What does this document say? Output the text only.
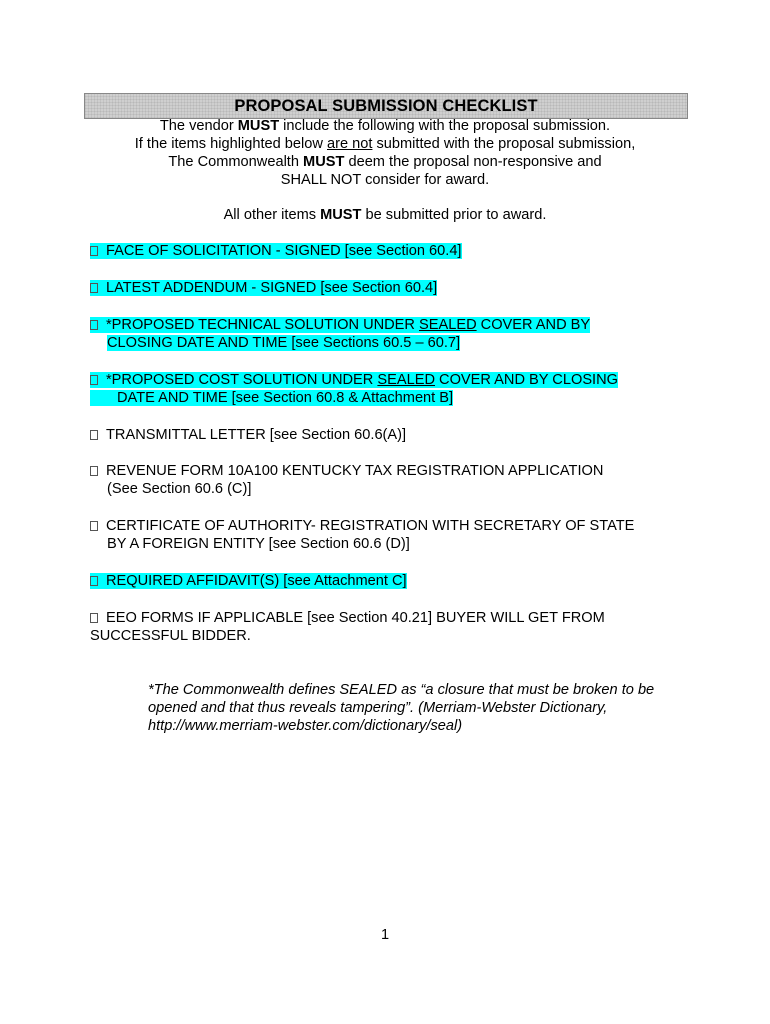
PROPOSAL SUBMISSION CHECKLIST
The vendor MUST include the following with the proposal submission.
If the items highlighted below are not submitted with the proposal submission,
The Commonwealth MUST deem the proposal non-responsive and
SHALL NOT consider for award.
All other items MUST be submitted prior to award.
FACE OF SOLICITATION - SIGNED [see Section 60.4]
LATEST ADDENDUM - SIGNED [see Section 60.4]
*PROPOSED TECHNICAL SOLUTION UNDER SEALED COVER AND BY
CLOSING DATE AND TIME [see Sections 60.5 – 60.7]
*PROPOSED COST SOLUTION UNDER SEALED COVER AND BY CLOSING
DATE AND TIME [see Section 60.8 & Attachment B]
TRANSMITTAL LETTER [see Section 60.6(A)]
REVENUE FORM 10A100 KENTUCKY TAX REGISTRATION APPLICATION
(See Section 60.6 (C)]
CERTIFICATE OF AUTHORITY- REGISTRATION WITH SECRETARY OF STATE
BY A FOREIGN ENTITY [see Section 60.6 (D)]
REQUIRED AFFIDAVIT(S) [see Attachment C]
EEO FORMS IF APPLICABLE [see Section 40.21] BUYER WILL GET FROM
SUCCESSFUL BIDDER.
*The Commonwealth defines SEALED as “a closure that must be broken to be
opened and that thus reveals tampering”. (Merriam-Webster Dictionary,
http://www.merriam-webster.com/dictionary/seal)
1
